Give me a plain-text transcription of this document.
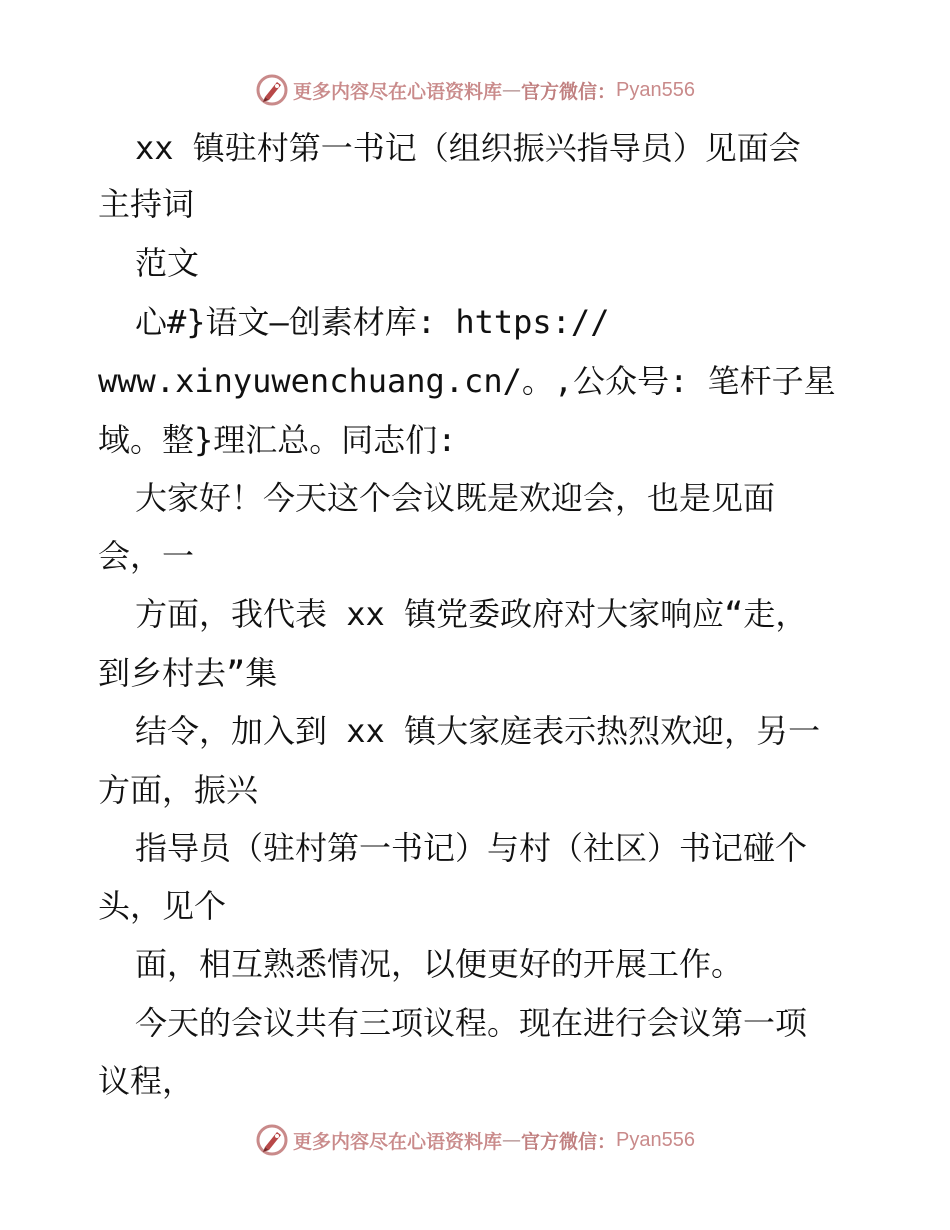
更多内容尽在心语资料库 — 官方微信： Pyan556
xx 镇驻村第一书记（组织振兴指导员）见面会
主持词
范文
心#}语文—创素材库: https://
www.xinyuwenchuang.cn/。,公众号: 笔杆子星
域。整}理汇总。同志们:
大家好！今天这个会议既是欢迎会，也是见面
会，一
方面，我代表 xx 镇党委政府对大家响应“走，
到乡村去”集
结令，加入到 xx 镇大家庭表示热烈欢迎，另一
方面，振兴
指导员（驻村第一书记）与村（社区）书记碰个
头，见个
面，相互熟悉情况，以便更好的开展工作。
今天的会议共有三项议程。现在进行会议第一项
议程，
更多内容尽在心语资料库 — 官方微信： Pyan556
